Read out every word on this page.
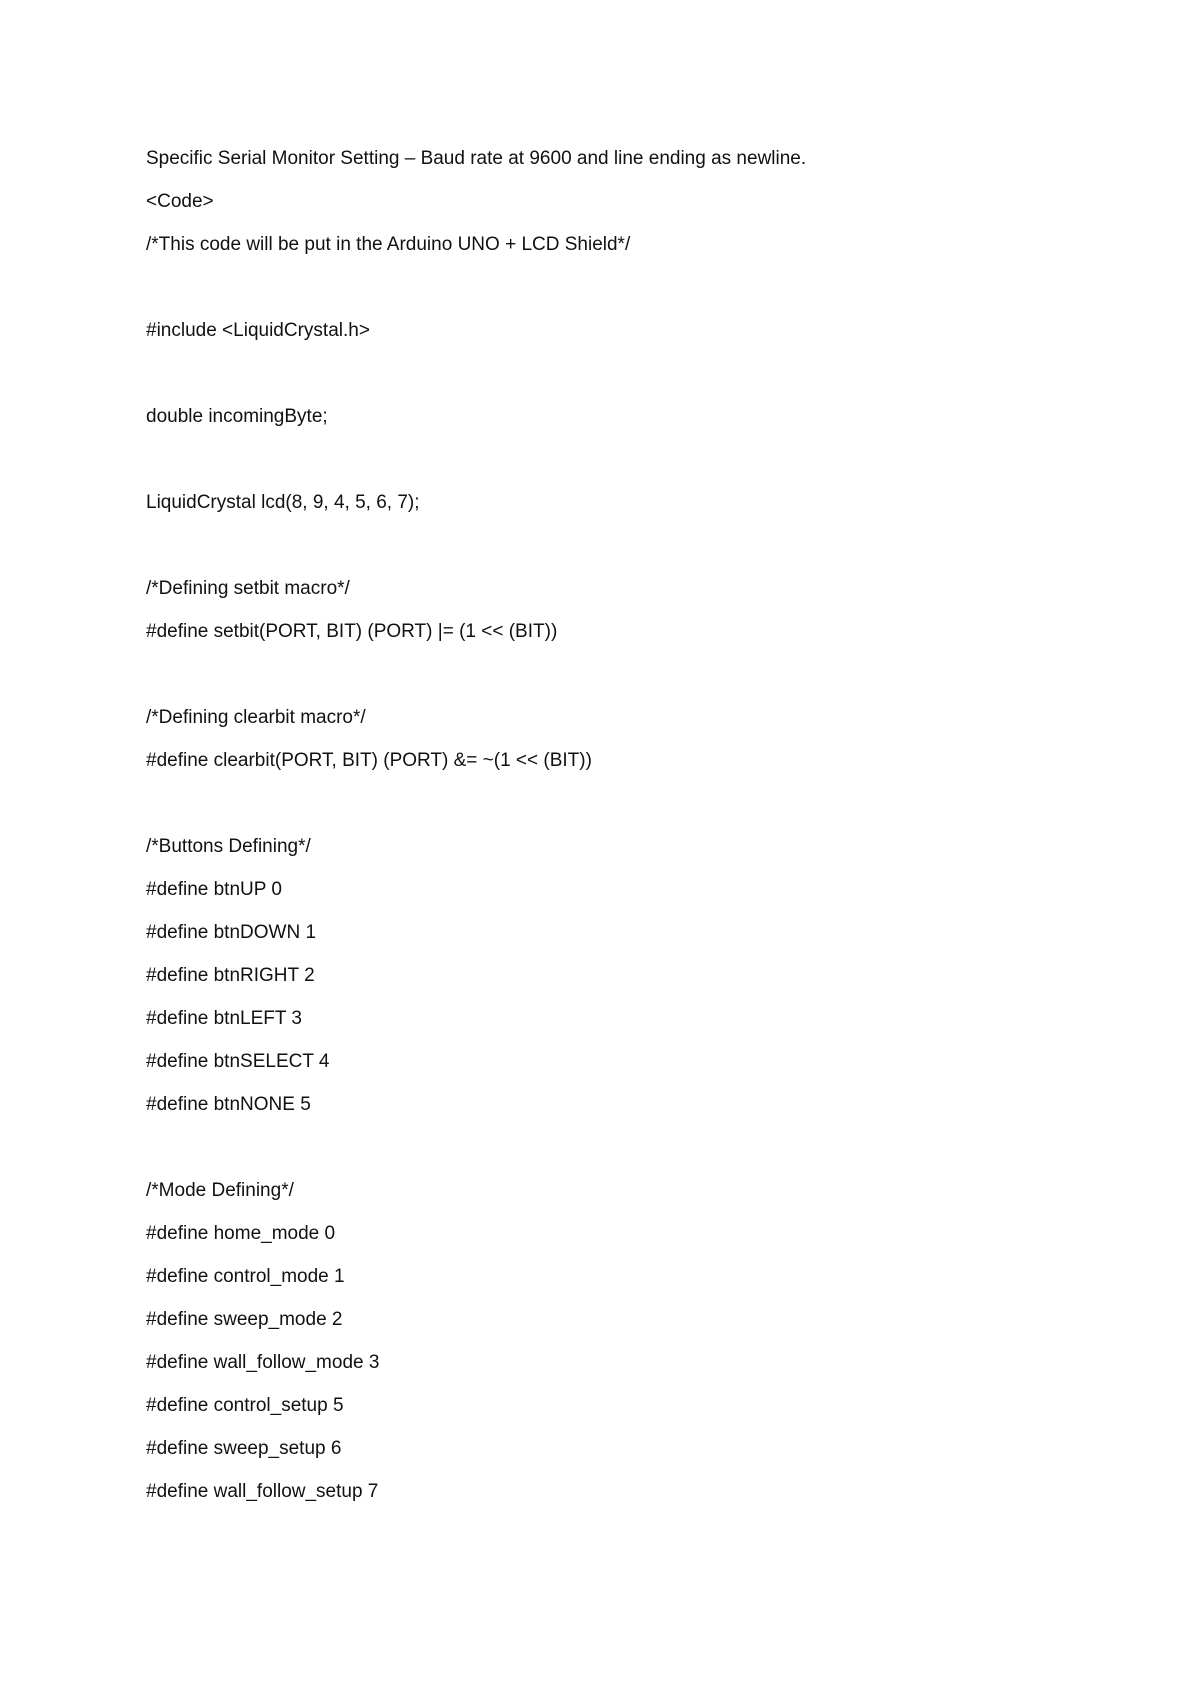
Specific Serial Monitor Setting – Baud rate at 9600 and line ending as newline.
<Code>
/*This code will be put in the Arduino UNO + LCD Shield*/
#include <LiquidCrystal.h>
double incomingByte;
LiquidCrystal lcd(8, 9, 4, 5, 6, 7);
/*Defining setbit macro*/
#define setbit(PORT, BIT) (PORT) |= (1 << (BIT))
/*Defining clearbit macro*/
#define clearbit(PORT, BIT) (PORT) &= ~(1 << (BIT))
/*Buttons Defining*/
#define btnUP 0
#define btnDOWN 1
#define btnRIGHT 2
#define btnLEFT 3
#define btnSELECT 4
#define btnNONE 5
/*Mode Defining*/
#define home_mode 0
#define control_mode 1
#define sweep_mode 2
#define wall_follow_mode 3
#define control_setup 5
#define sweep_setup 6
#define wall_follow_setup 7
